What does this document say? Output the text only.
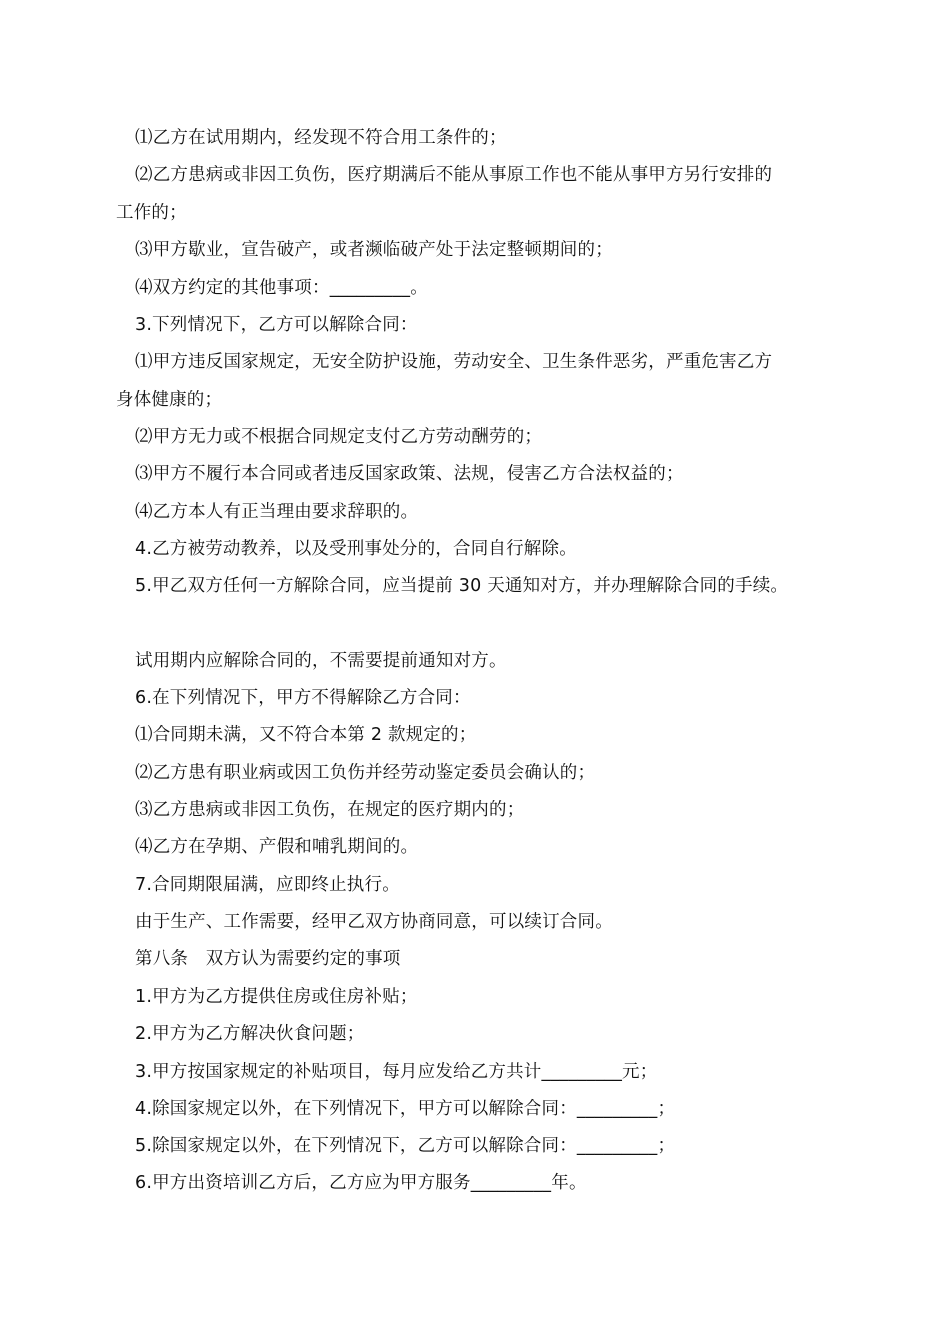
⑴乙方在试用期内，经发现不符合用工条件的；
⑵乙方患病或非因工负伤，医疗期满后不能从事原工作也不能从事甲方另行安排的
工作的；
⑶甲方歇业，宣告破产，或者濒临破产处于法定整顿期间的；
⑷双方约定的其他事项：_________。
3.下列情况下，乙方可以解除合同：
⑴甲方违反国家规定，无安全防护设施，劳动安全、卫生条件恶劣，严重危害乙方
身体健康的；
⑵甲方无力或不根据合同规定支付乙方劳动酬劳的；
⑶甲方不履行本合同或者违反国家政策、法规，侵害乙方合法权益的；
⑷乙方本人有正当理由要求辞职的。
4.乙方被劳动教养，以及受刑事处分的，合同自行解除。
5.甲乙双方任何一方解除合同，应当提前 30 天通知对方，并办理解除合同的手续。
试用期内应解除合同的，不需要提前通知对方。
6.在下列情况下，甲方不得解除乙方合同：
⑴合同期未满，又不符合本第 2 款规定的；
⑵乙方患有职业病或因工负伤并经劳动鉴定委员会确认的；
⑶乙方患病或非因工负伤，在规定的医疗期内的；
⑷乙方在孕期、产假和哺乳期间的。
7.合同期限届满，应即终止执行。
由于生产、工作需要，经甲乙双方协商同意，可以续订合同。
第八条　双方认为需要约定的事项
1.甲方为乙方提供住房或住房补贴；
2.甲方为乙方解决伙食问题；
3.甲方按国家规定的补贴项目，每月应发给乙方共计_________元；
4.除国家规定以外，在下列情况下，甲方可以解除合同：_________；
5.除国家规定以外，在下列情况下，乙方可以解除合同：_________；
6.甲方出资培训乙方后，乙方应为甲方服务_________年。
